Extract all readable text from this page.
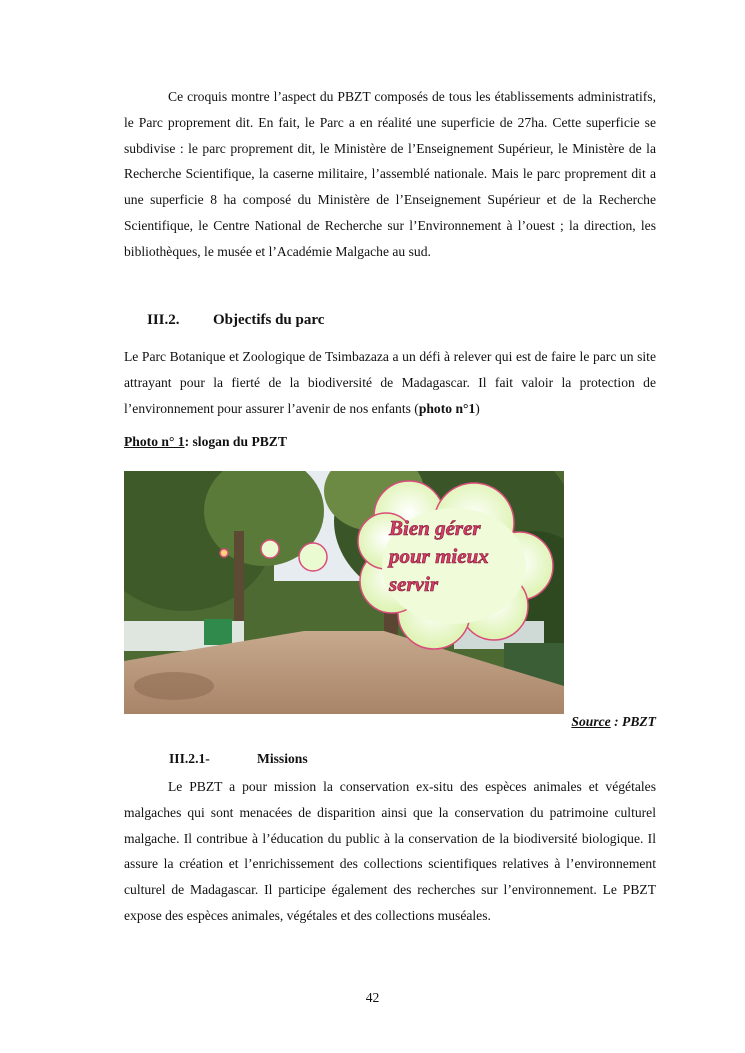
Ce croquis montre l’aspect du PBZT composés de tous les établissements administratifs, le Parc proprement dit. En fait, le Parc a en réalité une superficie de 27ha. Cette superficie se subdivise : le parc proprement dit, le Ministère de l’Enseignement Supérieur, le Ministère de la Recherche Scientifique, la caserne militaire, l’assemblé nationale. Mais le parc proprement dit a une superficie 8 ha composé du Ministère de l’Enseignement Supérieur et de la Recherche Scientifique, le Centre National de Recherche sur l’Environnement à l’ouest ; la direction, les bibliothèques, le musée et l’Académie Malgache au sud.

III.2. Objectifs du parc

Le Parc Botanique et Zoologique de Tsimbazaza a un défi à relever qui est de faire le parc un site attrayant pour la fierté de la biodiversité de Madagascar. Il fait valoir la protection de l’environnement pour assurer l’avenir de nos enfants (photo n°1)

Photo n° 1: slogan du PBZT
Bien gérer
pour mieux
servir
Source : PBZT
III.2.1-	Missions

Le PBZT a pour mission la conservation ex-situ des espèces animales et végétales malgaches qui sont menacées de disparition ainsi que la conservation du patrimoine culturel malgache. Il contribue à l’éducation du public à la conservation de la biodiversité biologique. Il assure la création et l’enrichissement des collections scientifiques relatives à l’environnement culturel de Madagascar. Il participe également des recherches sur l’environnement. Le PBZT expose des espèces animales, végétales et des collections muséales.

42
